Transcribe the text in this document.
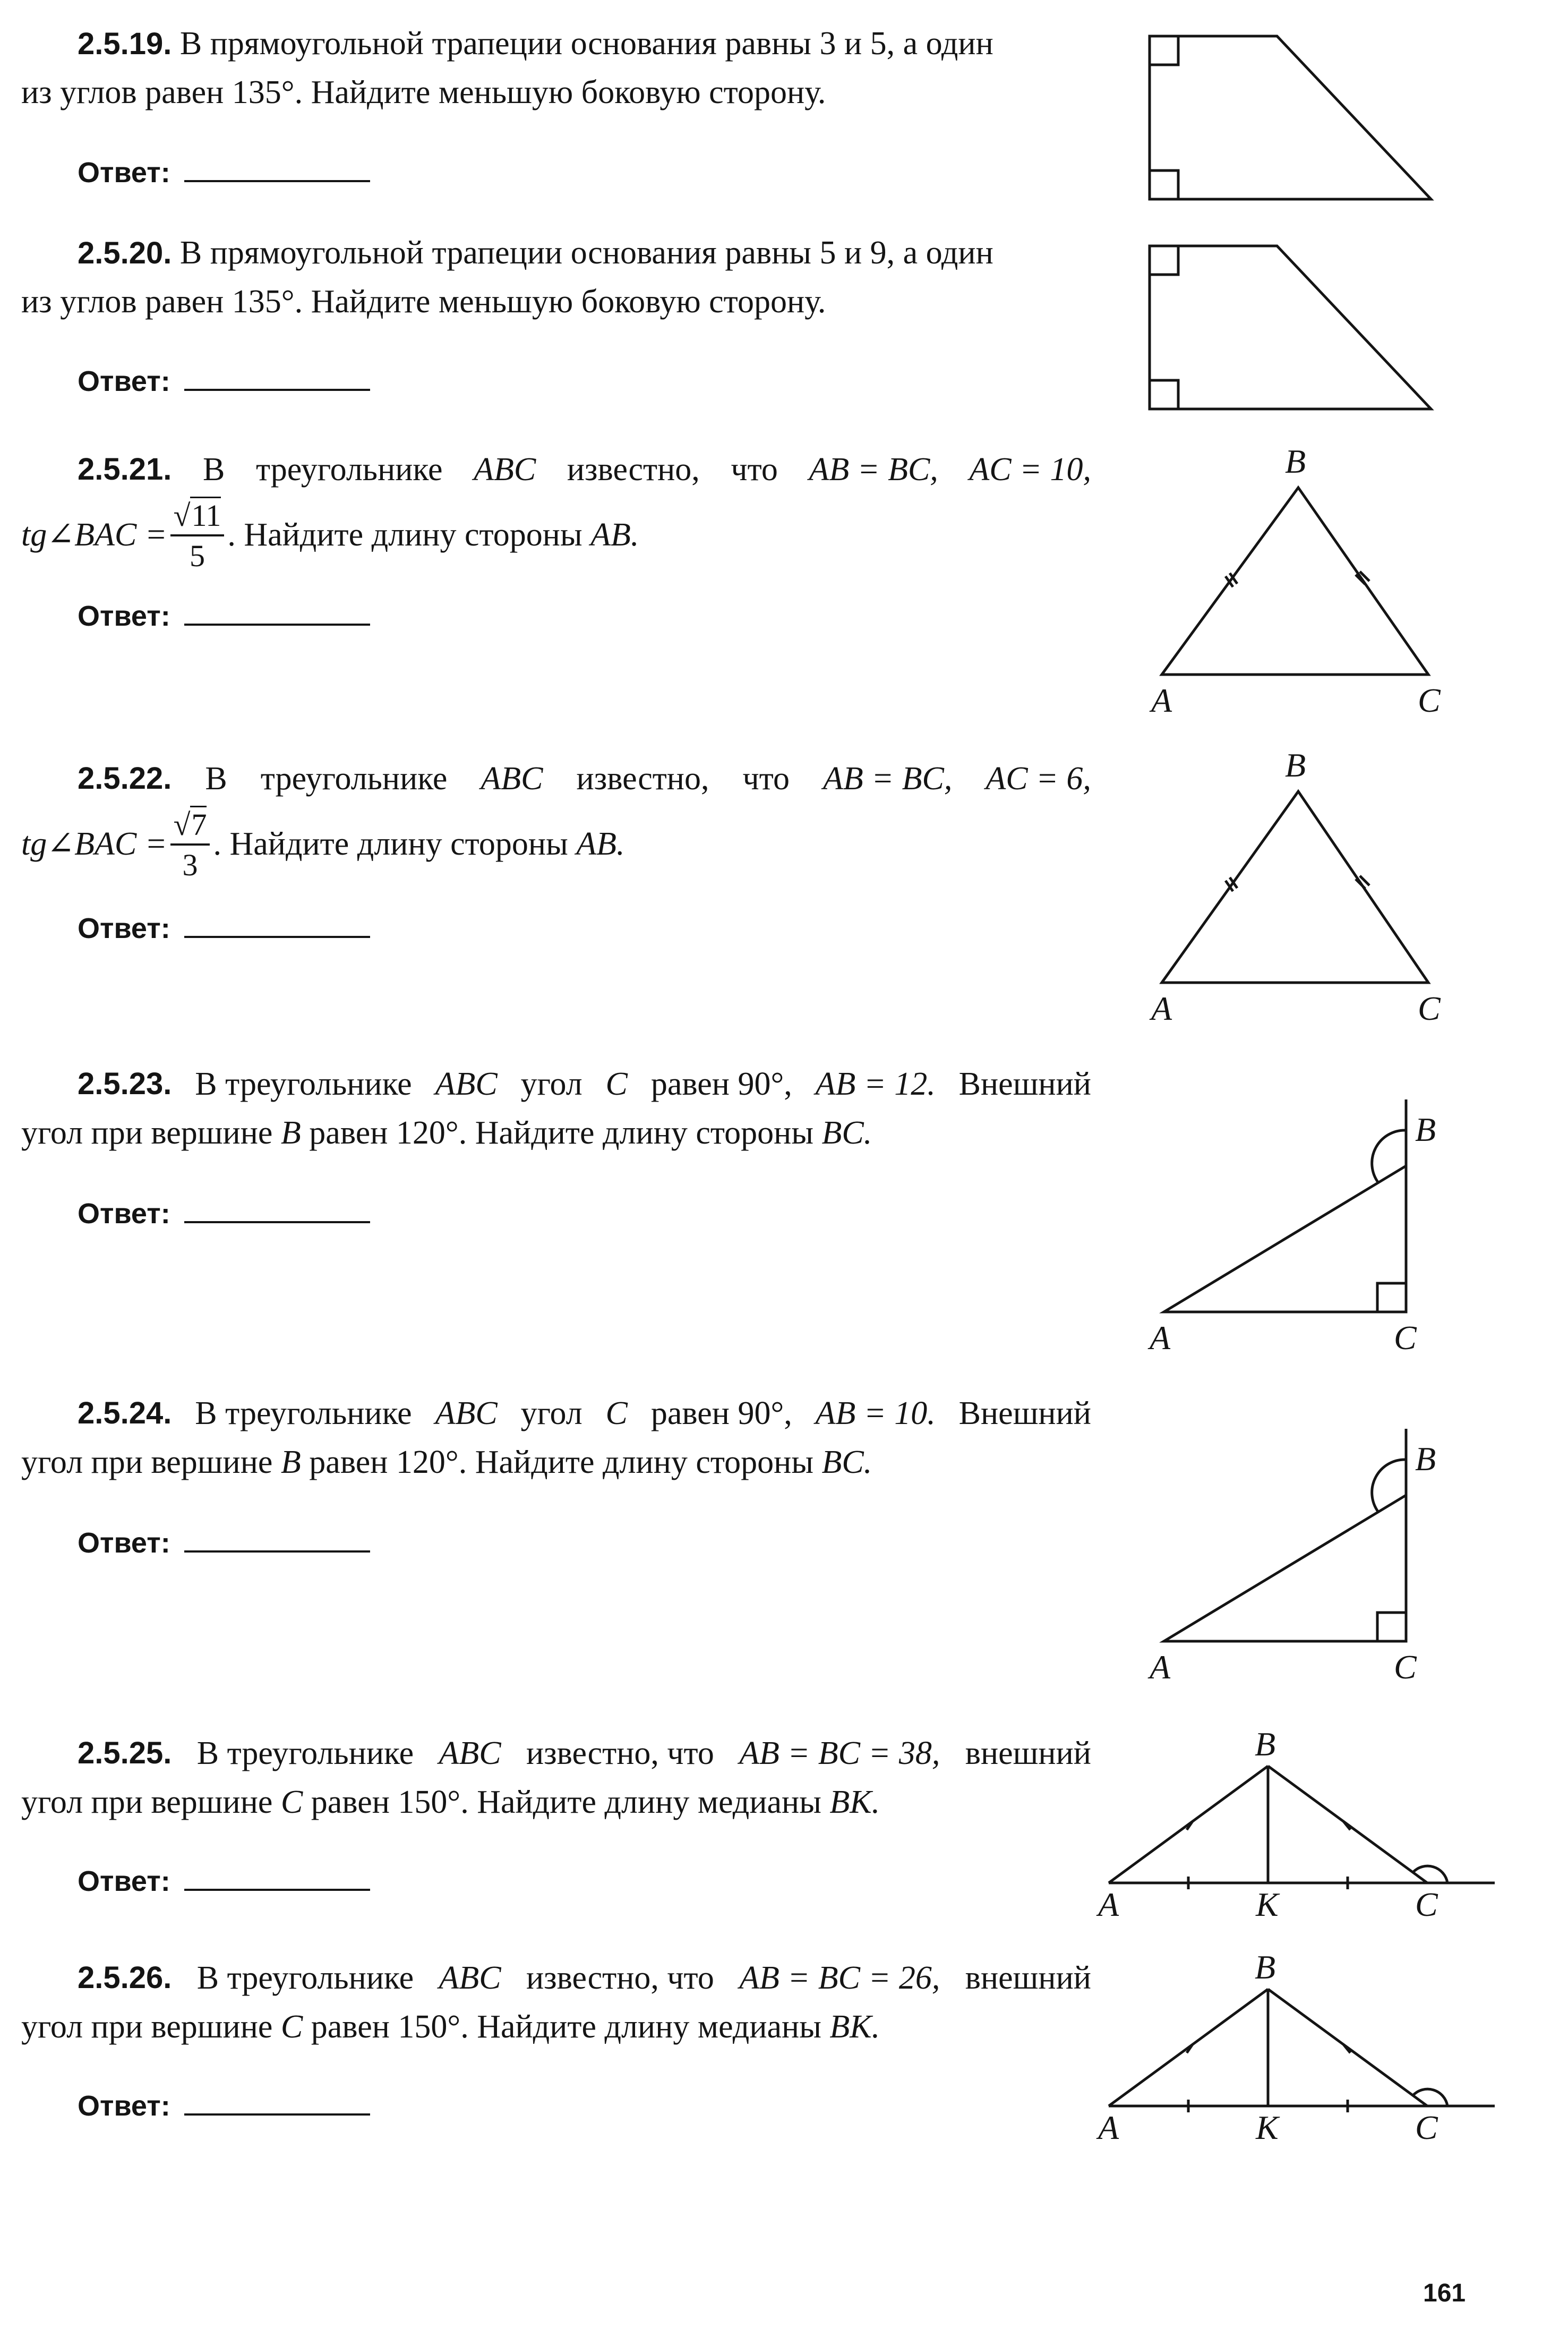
2.5.19. В прямоугольной трапеции основания равны 3 и 5, а один
из углов равен 135°. Найдите меньшую боковую сторону.
Ответ:
2.5.20. В прямоугольной трапеции основания равны 5 и 9, а один
из углов равен 135°. Найдите меньшую боковую сторону.
Ответ:
2.5.21. В треугольнике ABC известно, что AB = BC, AC = 10,
tg∠BAC = $\frac{√11}{5}$ . Найдите длину стороны AB.
Ответ:
B
A	C
2.5.22. В треугольнике ABC известно, что AB = BC, AC = 6,
tg∠BAC = $\frac{√7}{3}$ . Найдите длину стороны AB.
Ответ:
B
A	C
2.5.23. В треугольнике ABC угол C равен 90°, AB = 12. Внешний
угол при вершине B равен 120°. Найдите длину стороны BC.
Ответ:
B
A	C
2.5.24. В треугольнике ABC угол C равен 90°, AB = 10. Внешний
угол при вершине B равен 120°. Найдите длину стороны BC.
Ответ:
B
A	C
2.5.25. В треугольнике ABC известно, что AB = BC = 38, внешний
угол при вершине C равен 150°. Найдите длину медианы BK.
Ответ:
B
A	K	C
2.5.26. В треугольнике ABC известно, что AB = BC = 26, внешний
угол при вершине C равен 150°. Найдите длину медианы BK.
Ответ:
B
A	K	C
161
